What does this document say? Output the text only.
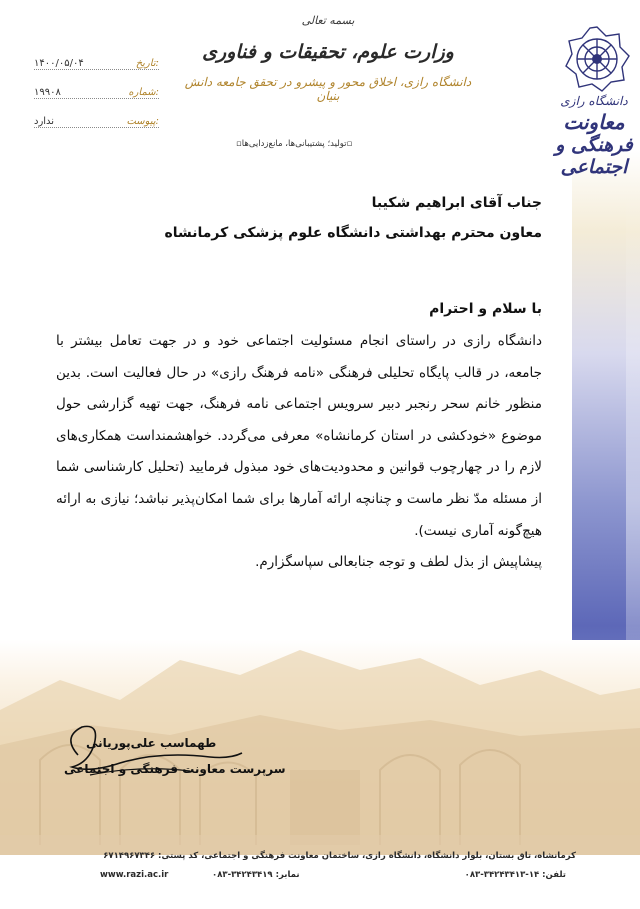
دانشگاه رازی

معاونت

فرهنگی و اجتماعی

بسمه تعالی

وزارت علوم، تحقیقات و فناوری

دانشگاه رازی، اخلاق محور و پیشرو در تحقق جامعه دانش بنیان

۱۴۰۰/۰۵/۰۴	تاریخ:
۱۹۹۰۸	شماره:
ندارد	پیوست:
▫تولید؛ پشتیبانی‌ها، مانع‌زدایی‌ها▫

جناب آقای ابراهیم شکیبا

معاون محترم بهداشتی دانشگاه علوم پزشکی کرمانشاه

با سلام و احترام

دانشگاه رازی در راستای انجام مسئولیت اجتماعی خود و در جهت تعامل بیشتر با جامعه، در قالب پایگاه تحلیلی فرهنگی «نامه فرهنگ رازی» در حال فعالیت است. بدین منظور خانم سحر رنجبر دبیر سرویس اجتماعی نامه فرهنگ، جهت تهیه گزارشی حول موضوع «خودکشی در استان کرمانشاه» معرفی می‌گردد. خواهشمنداست همکاری‌های لازم را در چهارچوب قوانین و محدودیت‌های خود مبذول فرمایید (تحلیل کارشناسی شما از مسئله مدّ نظر ماست و چنانچه ارائه آمارها برای شما امکان‌پذیر نباشد؛ نیازی به ارائه هیچ‌گونه آماری نیست).

پیشاپیش از بذل لطف و توجه جنابعالی سپاسگزارم.

طهماسب علی‌پوریانی
سرپرست معاونت فرهنگی و اجتماعی
کرمانشاه، تاق بستان، بلوار دانشگاه، دانشگاه رازی، ساختمان معاونت فرهنگی و اجتماعی، کد پستی: ۶۷۱۴۹۶۷۳۴۶
تلفن: ۱۴-۳۴۲۴۳۴۱۳-۰۸۳
نمابر: ۳۴۲۴۳۴۱۹-۰۸۳
www.razi.ac.ir
